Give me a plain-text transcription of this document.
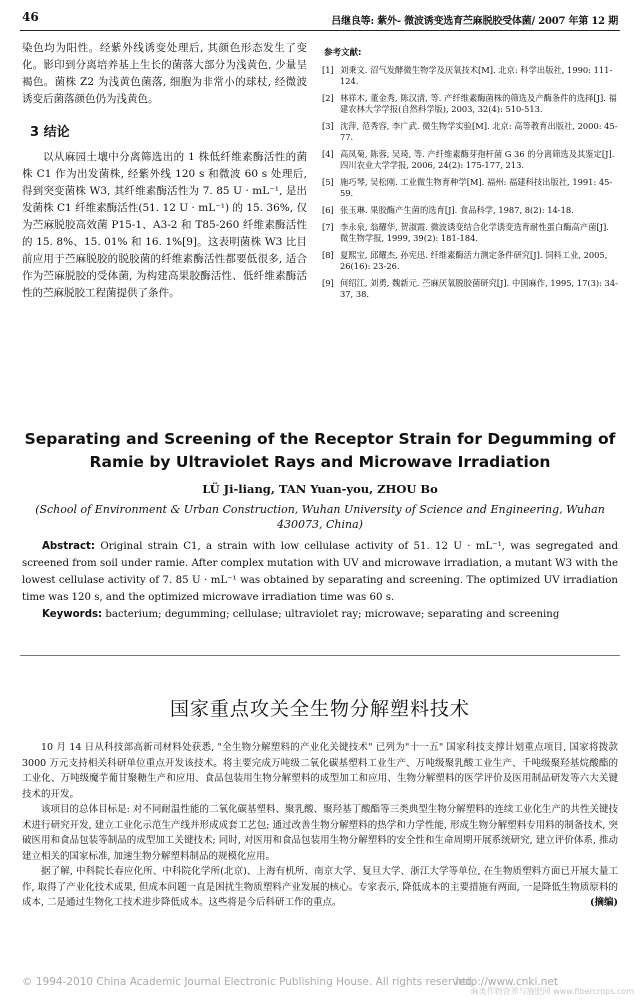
46	吕继良等: 紫外- 微波诱变选育苎麻脱胶受体菌/ 2007 年第 12 期

染色均为阳性。经紫外线诱变处理后, 其颜色形态发生了变化。影印到分离培养基上生长的菌落大部分为浅黄色, 少量呈褐色。菌株 Z2 为浅黄色菌落, 细胞为非常小的球杖, 经微波诱变后菌落颜色仍为浅黄色。

3 结论

以从麻园土壤中分离筛选出的 1 株低纤维素酶活性的菌株 C1 作为出发菌株, 经紫外线 120 s 和微波 60 s 处理后, 得到突变菌株 W3, 其纤维素酶活性为 7. 85 U · mL⁻¹, 是出发菌株 C1 纤维素酶活性(51. 12 U · mL⁻¹) 的 15. 36%, 仅为苎麻脱胶高效菌 P15-1、A3-2 和 T85-260 纤维素酶活性的 15. 8%、15. 01% 和 16. 1%[9]。这表明菌株 W3 比目前应用于苎麻脱胶的脱胶菌的纤维素酶活性都要低很多, 适合作为苎麻脱胶的受体菌, 为构建高果胶酶活性、低纤维素酶活性的苎麻脱胶工程菌提供了条件。

参考文献:
[1] 刘秉文. 沼气发酵微生物学及厌氧技术[M]. 北京: 科学出版社, 1990: 111-124.
[2] 林祥木, 董金秀, 陈汉清, 等. 产纤维素酶菌株的筛选及产酶条件的选择[J]. 福建农林大学学报(自然科学版), 2003, 32(4): 510-513.
[3] 沈萍, 范秀容, 李广武. 微生物学实验[M]. 北京: 高等教育出版社, 2000: 45-77.
[4] 高凤菊, 陈蓉, 吴琦, 等. 产纤维素酶芽孢杆菌 G 36 的分离筛选及其鉴定[J]. 四川农业大学学报, 2006, 24(2): 175-177, 213.
[5] 施巧琴, 吴松刚. 工业微生物育种学[M]. 福州: 福建科技出版社, 1991: 45-59.
[6] 张玉琳. 果胶酶产生菌的选育[J]. 食品科学, 1987, 8(2): 14-18.
[7] 李永泉, 翁耀华, 贺淑霞. 微波诱变结合化学诱变选育耐性蛋白酶高产菌[J]. 微生物学报, 1999, 39(2): 181-184.
[8] 夏熙宝, 邱耀杰, 孙宪迅. 纤维素酶活力测定条件研究[J]. 饲料工业, 2005, 26(16): 23-26.
[9] 何绍江, 刘勇, 魏新元. 苎麻厌氧脱胶菌研究[J]. 中国麻作, 1995, 17(3): 34-37, 38.
Separating and Screening of the Receptor Strain for Degumming of Ramie by Ultraviolet Rays and Microwave Irradiation
LÜ Ji-liang, TAN Yuan-you, ZHOU Bo
(School of Environment & Urban Construction, Wuhan University of Science and Engineering, Wuhan 430073, China)

Abstract: Original strain C1, a strain with low cellulase activity of 51. 12 U · mL⁻¹, was segregated and screened from soil under ramie. After complex mutation with UV and microwave irradiation, a mutant W3 with the lowest cellulase activity of 7. 85 U · mL⁻¹ was obtained by separating and screening. The optimized UV irradiation time was 120 s, and the optimized microwave irradiation time was 60 s.

Keywords: bacterium; degumming; cellulase; ultraviolet ray; microwave; separating and screening

国家重点攻关全生物分解塑料技术

10 月 14 日从科技部高新司材料处获悉, "全生物分解塑料的产业化关键技术" 已列为"十一五" 国家科技支撑计划重点项目, 国家将拨款 3000 万元支持相关科研单位重点开发该技术。将主要完成万吨级二氧化碳基塑料工业生产、万吨级聚乳酸工业生产、千吨级聚羟基烷酸酯的工业化、万吨级魔芋葡甘聚糖生产和应用、食品包装用生物分解塑料的成型加工和应用、生物分解塑料的医学评价及医用制品研发等六大关键技术的开发。

该项目的总体目标是: 对不同耐温性能的二氧化碳基塑料、聚乳酸、聚羟基丁酸酯等三类典型生物分解塑料的连续工业化生产的共性关键技术进行研究开发, 建立工业化示范生产线并形成成套工艺包; 通过改善生物分解塑料的热学和力学性能, 形成生物分解塑料专用料的制备技术, 突破医用和食品包装等制品的成型加工关键技术; 同时, 对医用和食品包装用生物分解塑料的安全性和生命周期开展系统研究, 建立评价体系, 推动建立相关的国家标准, 加速生物分解塑料制品的规模化应用。

据了解, 中科院长春应化所、中科院化学所(北京)、上海有机所、南京大学、复旦大学、浙江大学等单位, 在生物质塑料方面已开展大量工作, 取得了产业化技术成果, 但成本问题一直是困扰生物质塑料产业发展的核心。专家表示, 降低成本的主要措施有两面, 一是降低生物质原料的成本, 二是通过生物化工技术进步降低成本。这些将是今后科研工作的重点。	(摘编)

© 1994-2010 China Academic Journal Electronic Publishing House. All rights reserved.
http://www.cnki.net
麻类作物营养与施肥网 www.fibercrops.com
